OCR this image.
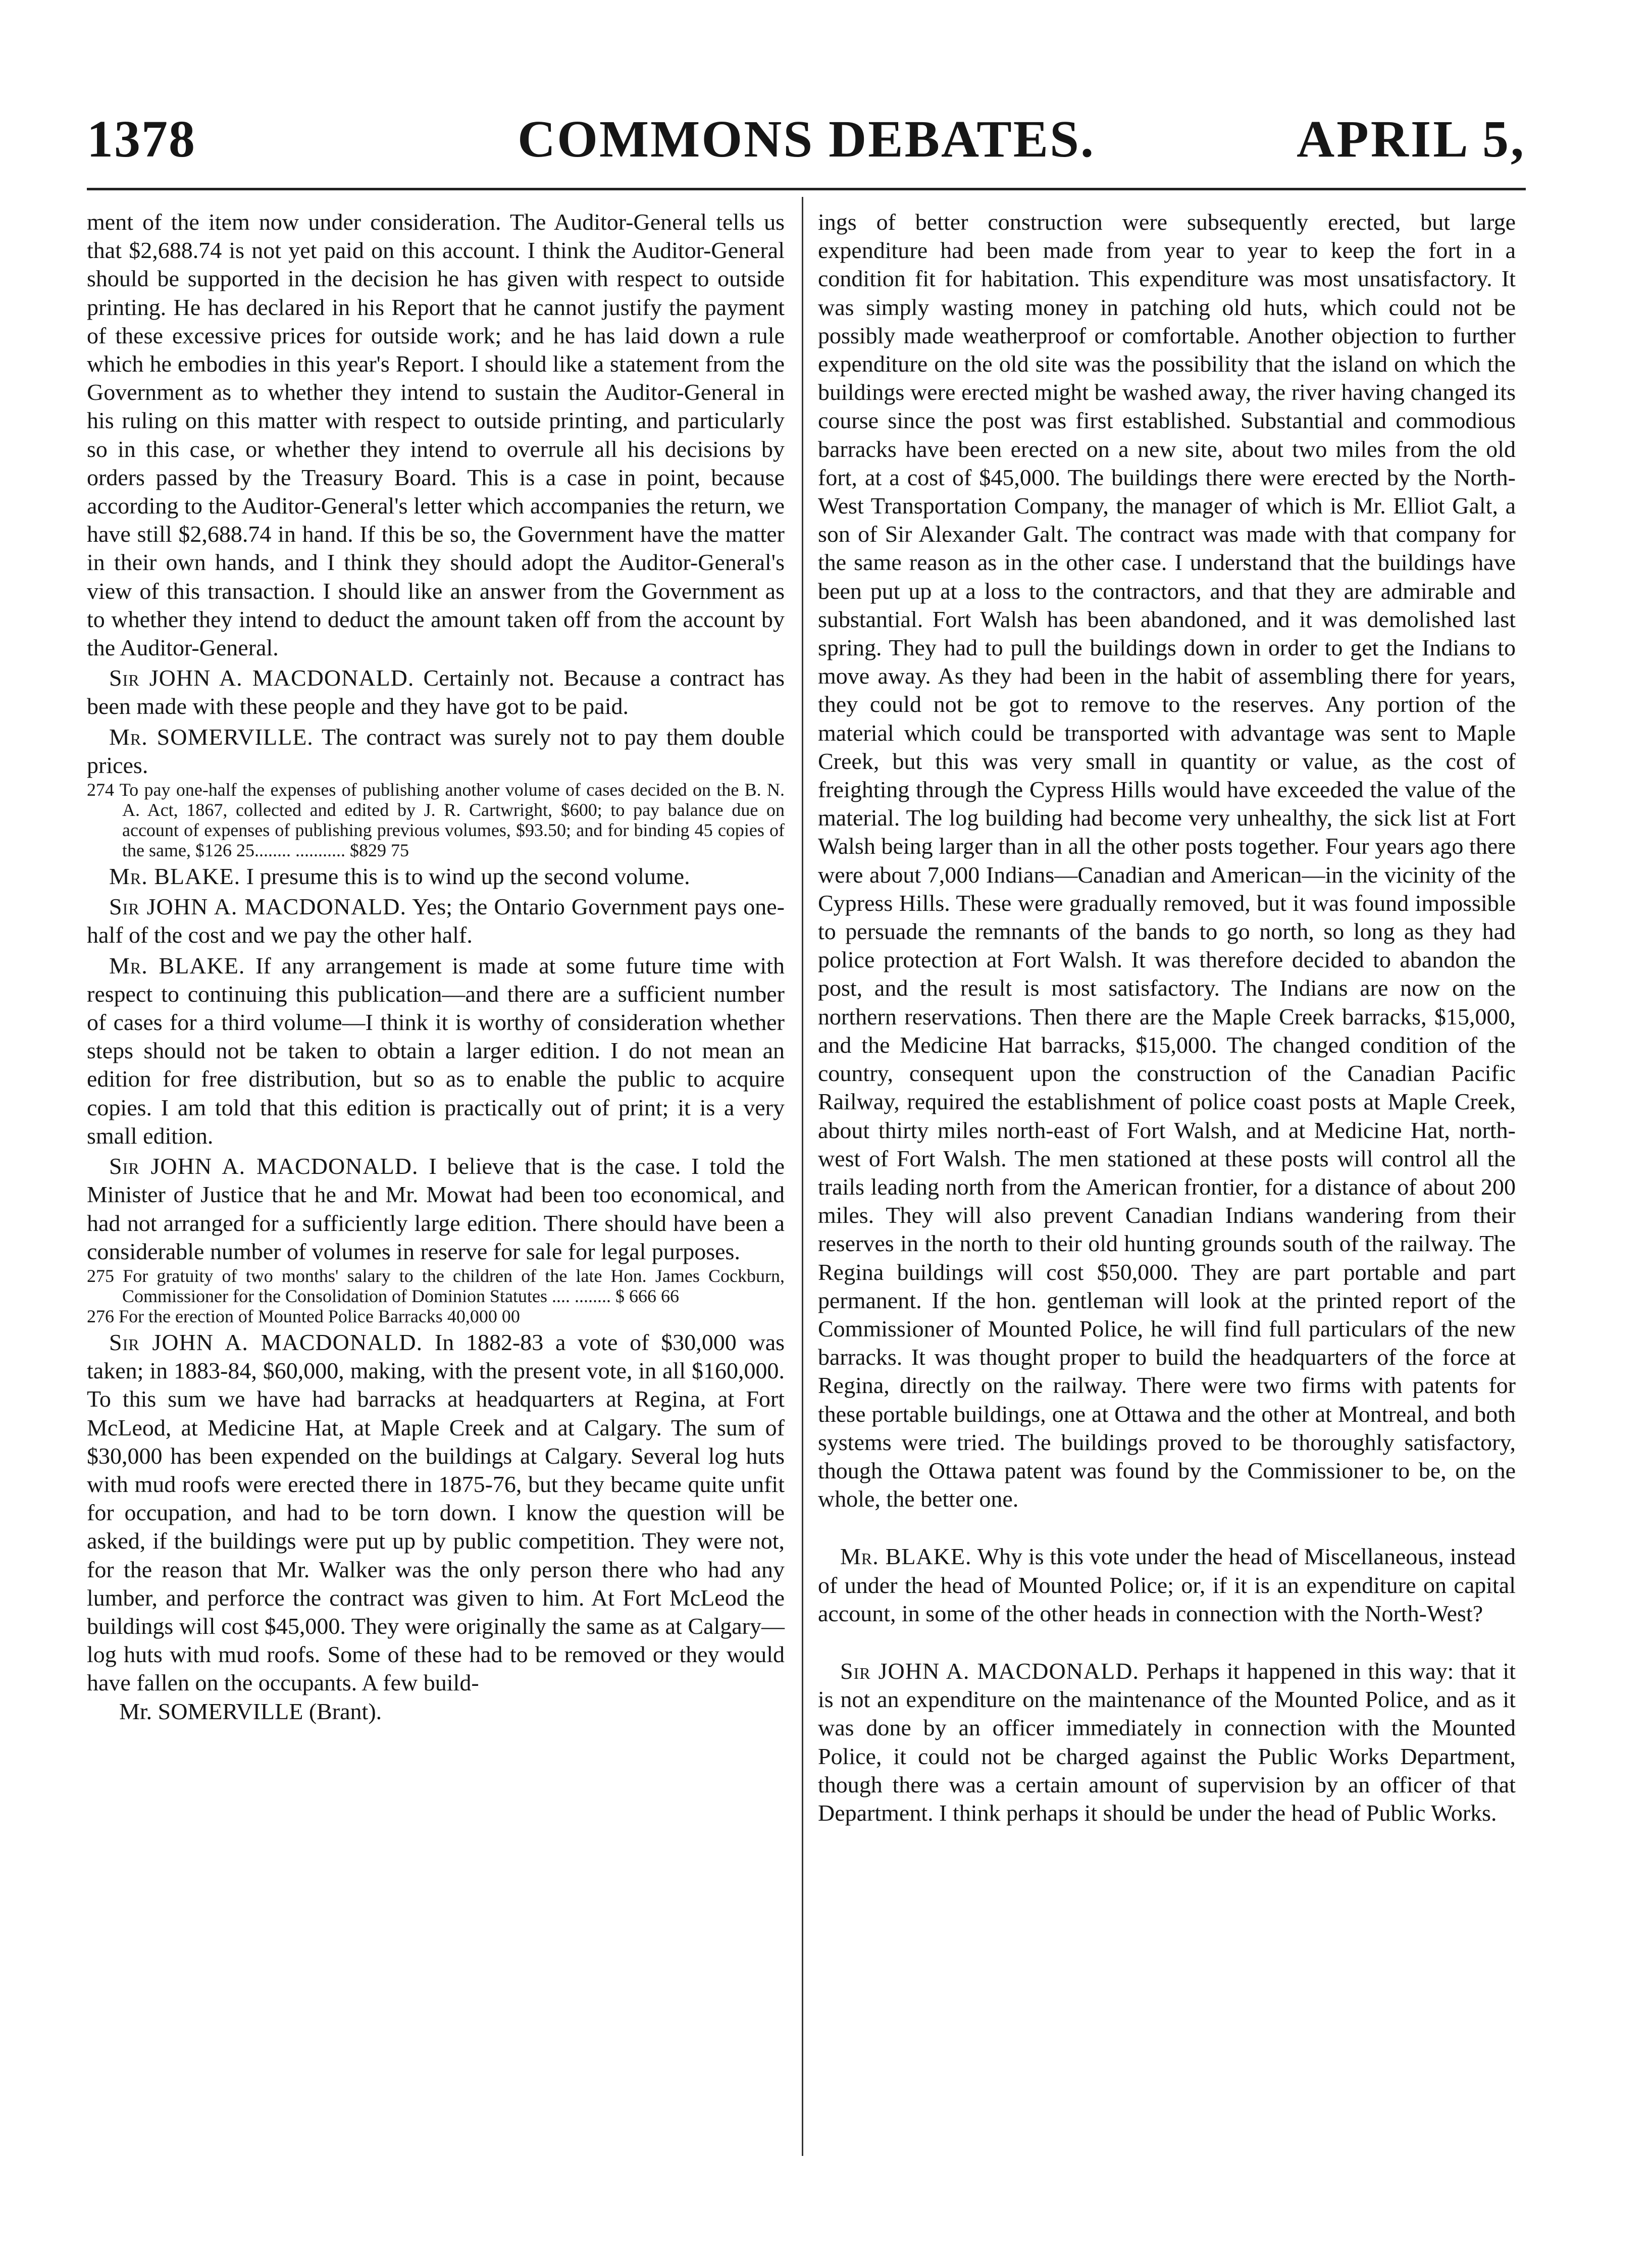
1378	COMMONS DEBATES.	APRIL 5,

ment of the item now under consideration. The Auditor-General tells us that $2,688.74 is not yet paid on this account. I think the Auditor-General should be supported in the decision he has given with respect to outside printing. He has declared in his Report that he cannot justify the payment of these excessive prices for outside work; and he has laid down a rule which he embodies in this year's Report. I should like a statement from the Government as to whether they intend to sustain the Auditor-General in his ruling on this matter with respect to outside printing, and particularly so in this case, or whether they intend to overrule all his decisions by orders passed by the Treasury Board. This is a case in point, because according to the Auditor-General's letter which accompanies the return, we have still $2,688.74 in hand. If this be so, the Government have the matter in their own hands, and I think they should adopt the Auditor-General's view of this transaction. I should like an answer from the Government as to whether they intend to deduct the amount taken off from the account by the Auditor-General.

Sir JOHN A. MACDONALD. Certainly not. Because a contract has been made with these people and they have got to be paid.

Mr. SOMERVILLE. The contract was surely not to pay them double prices.

274 To pay one-half the expenses of publishing another volume of cases decided on the B. N. A. Act, 1867, collected and edited by J. R. Cartwright, $600; to pay balance due on account of expenses of publishing previous volumes, $93.50; and for binding 45 copies of the same, $126 25........ ........... $829 75

Mr. BLAKE. I presume this is to wind up the second volume.

Sir JOHN A. MACDONALD. Yes; the Ontario Government pays one-half of the cost and we pay the other half.

Mr. BLAKE. If any arrangement is made at some future time with respect to continuing this publication—and there are a sufficient number of cases for a third volume—I think it is worthy of consideration whether steps should not be taken to obtain a larger edition. I do not mean an edition for free distribution, but so as to enable the public to acquire copies. I am told that this edition is practically out of print; it is a very small edition.

Sir JOHN A. MACDONALD. I believe that is the case. I told the Minister of Justice that he and Mr. Mowat had been too economical, and had not arranged for a sufficiently large edition. There should have been a considerable number of volumes in reserve for sale for legal purposes.

275 For gratuity of two months' salary to the children of the late Hon. James Cockburn, Commissioner for the Consolidation of Dominion Statutes .... ........ $ 666 66

276 For the erection of Mounted Police Barracks 40,000 00

Sir JOHN A. MACDONALD. In 1882-83 a vote of $30,000 was taken; in 1883-84, $60,000, making, with the present vote, in all $160,000. To this sum we have had barracks at headquarters at Regina, at Fort McLeod, at Medicine Hat, at Maple Creek and at Calgary. The sum of $30,000 has been expended on the buildings at Calgary. Several log huts with mud roofs were erected there in 1875-76, but they became quite unfit for occupation, and had to be torn down. I know the question will be asked, if the buildings were put up by public competition. They were not, for the reason that Mr. Walker was the only person there who had any lumber, and perforce the contract was given to him. At Fort McLeod the buildings will cost $45,000. They were originally the same as at Calgary—log huts with mud roofs. Some of these had to be removed or they would have fallen on the occupants. A few build-

Mr. SOMERVILLE (Brant).

ings of better construction were subsequently erected, but large expenditure had been made from year to year to keep the fort in a condition fit for habitation. This expenditure was most unsatisfactory. It was simply wasting money in patching old huts, which could not be possibly made weatherproof or comfortable. Another objection to further expenditure on the old site was the possibility that the island on which the buildings were erected might be washed away, the river having changed its course since the post was first established. Substantial and commodious barracks have been erected on a new site, about two miles from the old fort, at a cost of $45,000. The buildings there were erected by the North-West Transportation Company, the manager of which is Mr. Elliot Galt, a son of Sir Alexander Galt. The contract was made with that company for the same reason as in the other case. I understand that the buildings have been put up at a loss to the contractors, and that they are admirable and substantial. Fort Walsh has been abandoned, and it was demolished last spring. They had to pull the buildings down in order to get the Indians to move away. As they had been in the habit of assembling there for years, they could not be got to remove to the reserves. Any portion of the material which could be transported with advantage was sent to Maple Creek, but this was very small in quantity or value, as the cost of freighting through the Cypress Hills would have exceeded the value of the material. The log building had become very unhealthy, the sick list at Fort Walsh being larger than in all the other posts together. Four years ago there were about 7,000 Indians—Canadian and American—in the vicinity of the Cypress Hills. These were gradually removed, but it was found impossible to persuade the remnants of the bands to go north, so long as they had police protection at Fort Walsh. It was therefore decided to abandon the post, and the result is most satisfactory. The Indians are now on the northern reservations. Then there are the Maple Creek barracks, $15,000, and the Medicine Hat barracks, $15,000. The changed condition of the country, consequent upon the construction of the Canadian Pacific Railway, required the establishment of police coast posts at Maple Creek, about thirty miles north-east of Fort Walsh, and at Medicine Hat, north-west of Fort Walsh. The men stationed at these posts will control all the trails leading north from the American frontier, for a distance of about 200 miles. They will also prevent Canadian Indians wandering from their reserves in the north to their old hunting grounds south of the railway. The Regina buildings will cost $50,000. They are part portable and part permanent. If the hon. gentleman will look at the printed report of the Commissioner of Mounted Police, he will find full particulars of the new barracks. It was thought proper to build the headquarters of the force at Regina, directly on the railway. There were two firms with patents for these portable buildings, one at Ottawa and the other at Montreal, and both systems were tried. The buildings proved to be thoroughly satisfactory, though the Ottawa patent was found by the Commissioner to be, on the whole, the better one.

Mr. BLAKE. Why is this vote under the head of Miscellaneous, instead of under the head of Mounted Police; or, if it is an expenditure on capital account, in some of the other heads in connection with the North-West?

Sir JOHN A. MACDONALD. Perhaps it happened in this way: that it is not an expenditure on the maintenance of the Mounted Police, and as it was done by an officer immediately in connection with the Mounted Police, it could not be charged against the Public Works Department, though there was a certain amount of supervision by an officer of that Department. I think perhaps it should be under the head of Public Works.
